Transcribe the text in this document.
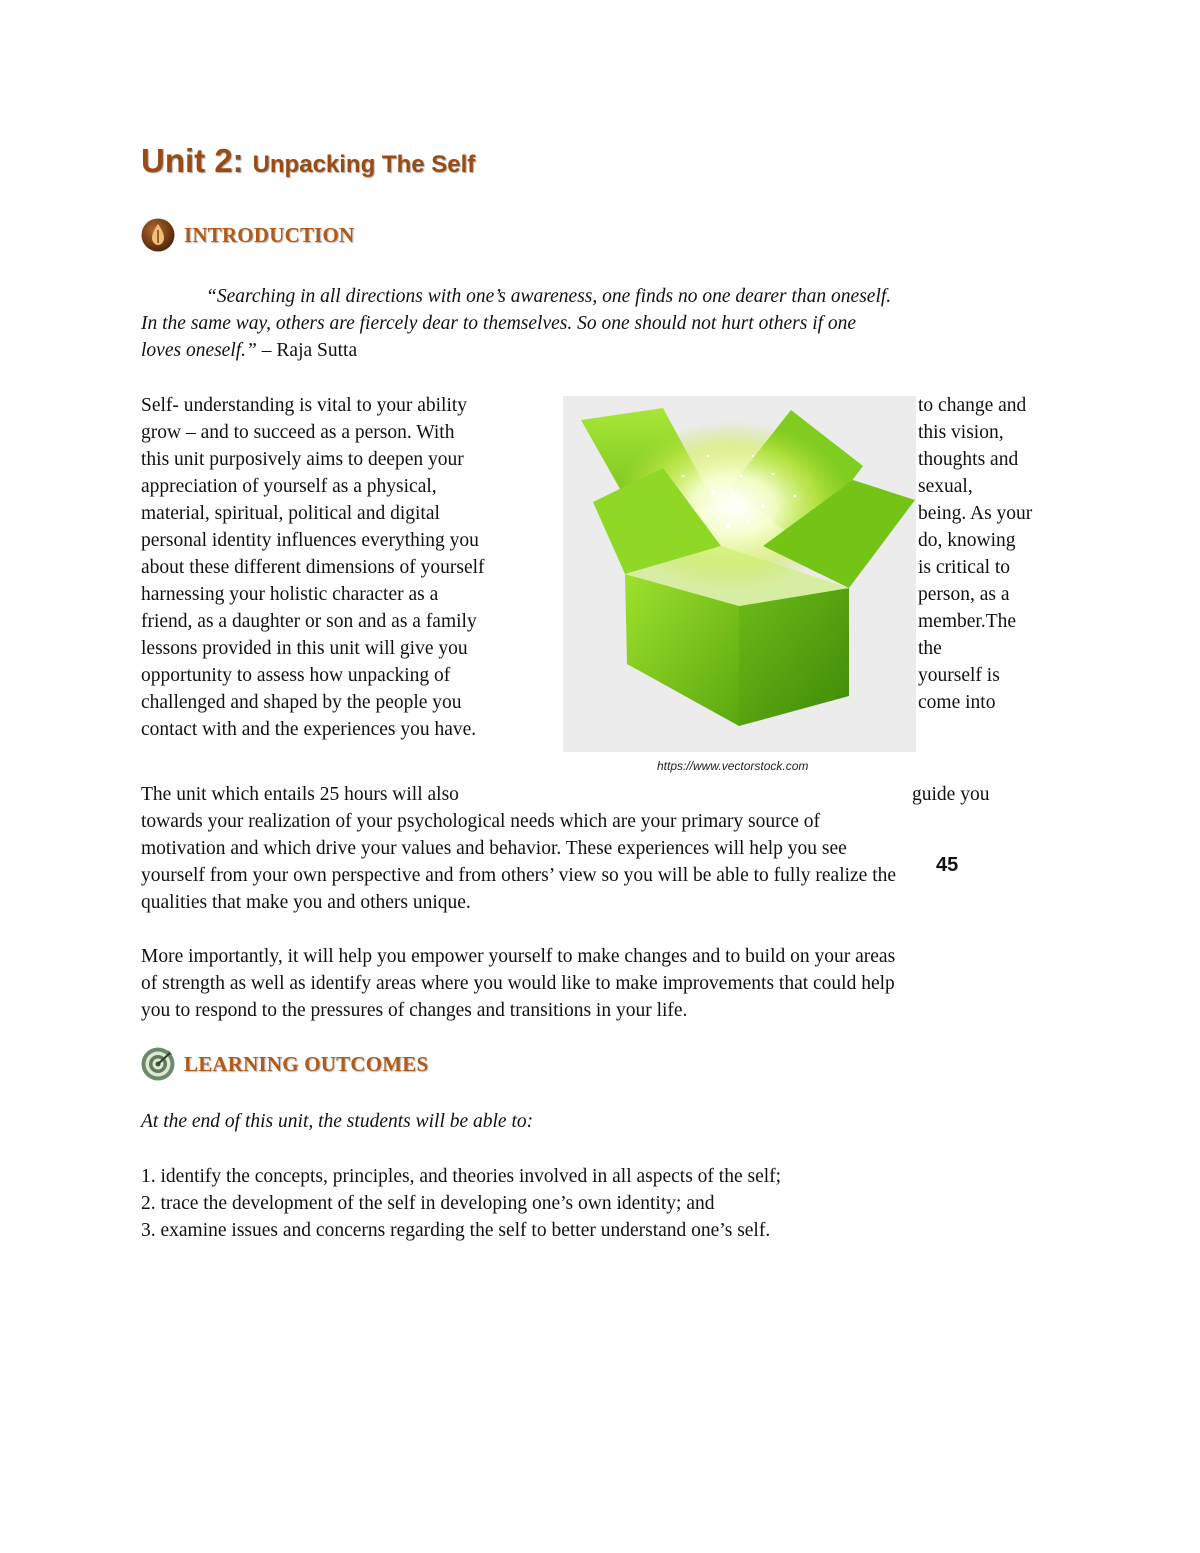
Unit 2: Unpacking The Self
INTRODUCTION

“Searching in all directions with one’s awareness, one finds no one dearer than oneself.

In the same way, others are fiercely dear to themselves. So one should not hurt others if one

loves oneself.” – Raja Sutta

Self- understanding is vital to your ability

grow – and to succeed as a person. With

this unit purposively aims to deepen your

appreciation of yourself as a physical,

material, spiritual, political and digital

personal identity influences everything you

about these different dimensions of yourself

harnessing your holistic character as a

friend, as a daughter or son and as a family

lessons provided in this unit will give you

opportunity to assess how unpacking of

challenged and shaped by the people you

contact with and the experiences you have.

to change and

this vision,

thoughts and

sexual,

being. As your

do, knowing

is critical to

person, as a

member.The

the

yourself is

come into

https://www.vectorstock.com

The unit which entails 25 hours will also	guide you

towards your realization of your psychological needs which are your primary source of

motivation and which drive your values and behavior. These experiences will help you see

yourself from your own perspective and from others’ view so you will be able to fully realize the

qualities that make you and others unique.

45

More importantly, it will help you empower yourself to make changes and to build on your areas

of strength as well as identify areas where you would like to make improvements that could help

you to respond to the pressures of changes and transitions in your life.

LEARNING OUTCOMES

At the end of this unit, the students will be able to:

1. identify the concepts, principles, and theories involved in all aspects of the self;

2. trace the development of the self in developing one’s own identity; and

3. examine issues and concerns regarding the self to better understand one’s self.
